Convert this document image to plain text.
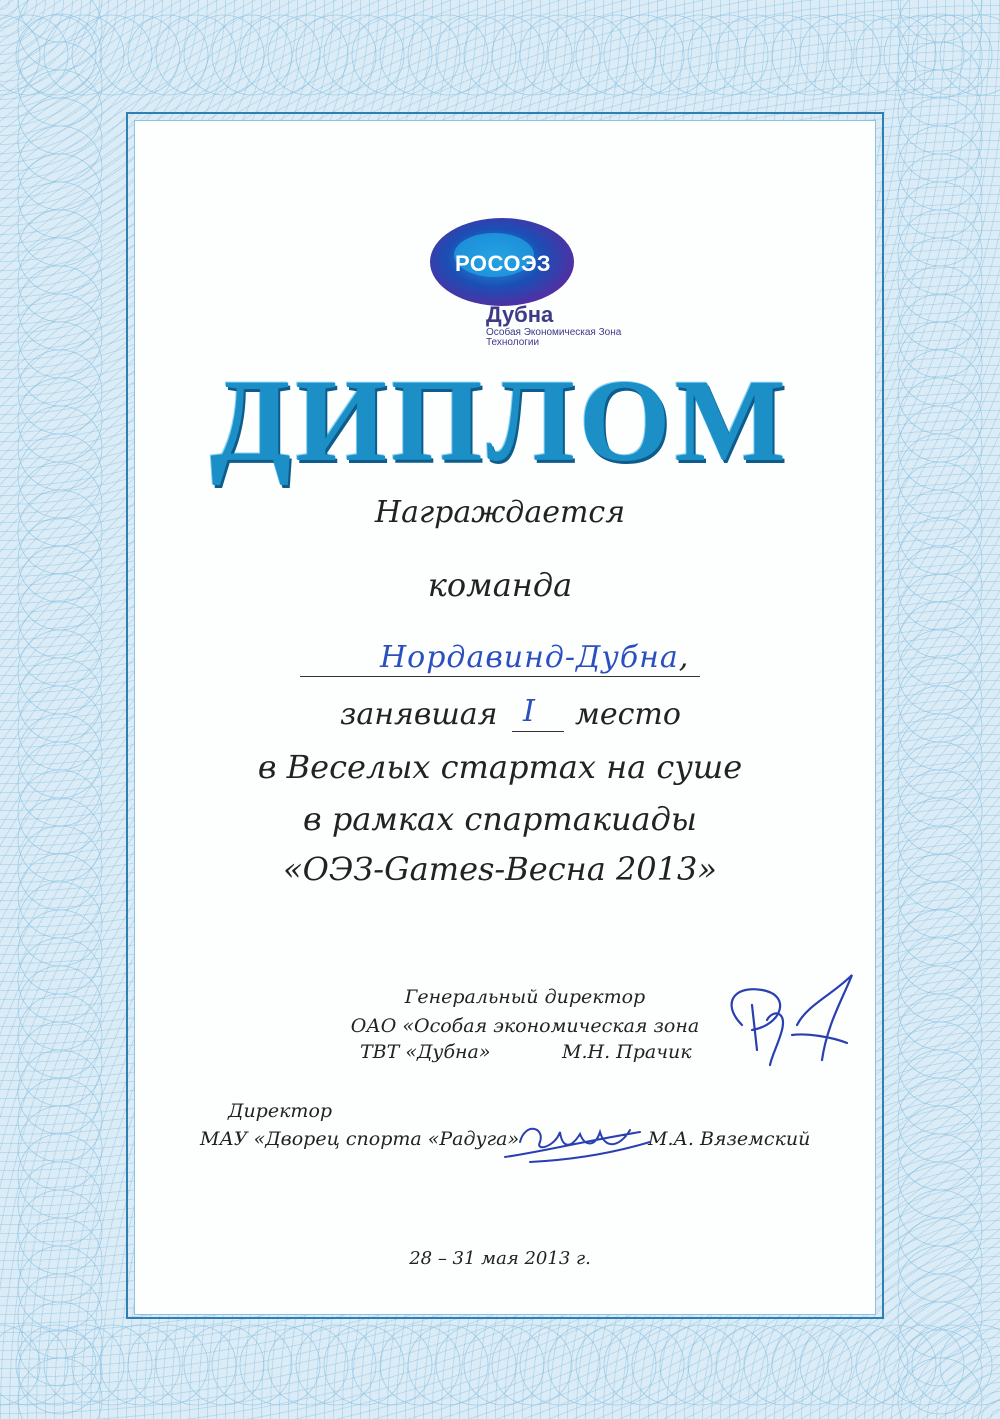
РОСОЭЗ
Дубна
Особая Экономическая Зона
Технологии
ДИПЛОМ
Награждается
команда
Нордавинд-Дубна,
занявшая I место
в Веселых стартах на суше
в рамках спартакиады
«ОЭЗ-Games-Весна 2013»
Генеральный директор
ОАО «Особая экономическая зона
ТВТ «Дубна»	М.Н. Прачик
Директор
МАУ «Дворец спорта «Радуга»	М.А. Вяземский
28 – 31 мая 2013 г.
